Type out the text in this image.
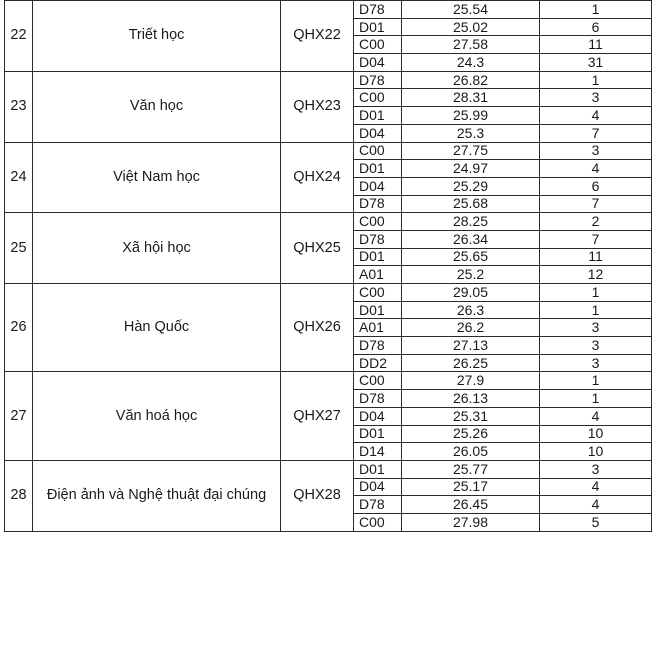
22	Triết học	QHX22	D78	25.54	1
			D01	25.02	6
			C00	27.58	11
			D04	24.3	31
23	Văn học	QHX23	D78	26.82	1
			C00	28.31	3
			D01	25.99	4
			D04	25.3	7
24	Việt Nam học	QHX24	C00	27.75	3
			D01	24.97	4
			D04	25.29	6
			D78	25.68	7
25	Xã hội học	QHX25	C00	28.25	2
			D78	26.34	7
			D01	25.65	11
			A01	25.2	12
26	Hàn Quốc	QHX26	C00	29.05	1
			D01	26.3	1
			A01	26.2	3
			D78	27.13	3
			DD2	26.25	3
27	Văn hoá học	QHX27	C00	27.9	1
			D78	26.13	1
			D04	25.31	4
			D01	25.26	10
			D14	26.05	10
28	Điện ảnh và Nghệ thuật đại chúng	QHX28	D01	25.77	3
			D04	25.17	4
			D78	26.45	4
			C00	27.98	5
